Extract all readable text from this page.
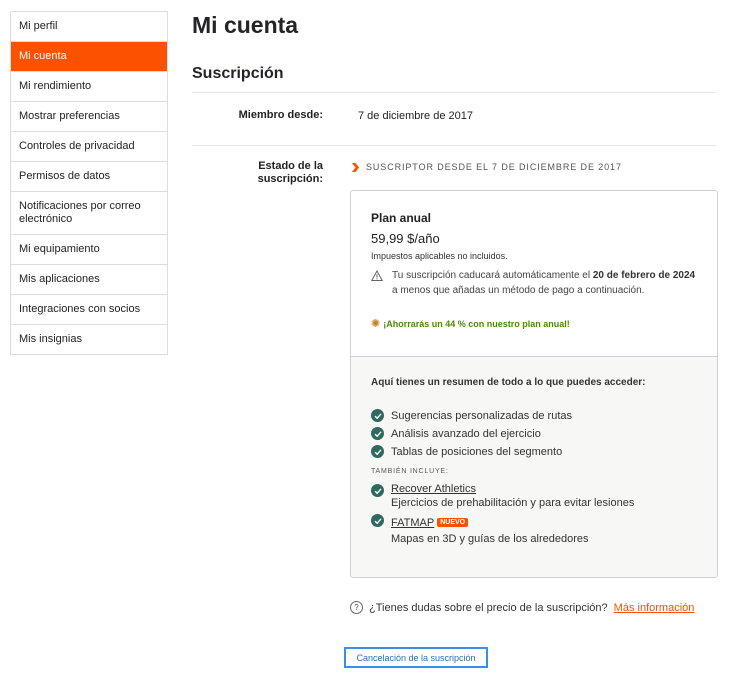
Mi perfil
Mi cuenta
Mi rendimiento
Mostrar preferencias
Controles de privacidad
Permisos de datos
Notificaciones por correo electrónico
Mi equipamiento
Mis aplicaciones
Integraciones con socios
Mis insignias
Mi cuenta
Suscripción
Miembro desde:	7 de diciembre de 2017
Estado de la suscripción:
SUSCRIPTOR DESDE EL 7 DE DICIEMBRE DE 2017
Plan anual
59,99 $/año
Impuestos aplicables no incluidos.
Tu suscripción caducará automáticamente el 20 de febrero de 2024 a menos que añadas un método de pago a continuación.
✺ ¡Ahorrarás un 44 % con nuestro plan anual!
Aquí tienes un resumen de todo a lo que puedes acceder:
Sugerencias personalizadas de rutas
Análisis avanzado del ejercicio
Tablas de posiciones del segmento
TAMBIÉN INCLUYE:
Recover Athletics
Ejercicios de prehabilitación y para evitar lesiones
FATMAP NUEVO
Mapas en 3D y guías de los alrededores
? ¿Tienes dudas sobre el precio de la suscripción? Más información
Cancelación de la suscripción
